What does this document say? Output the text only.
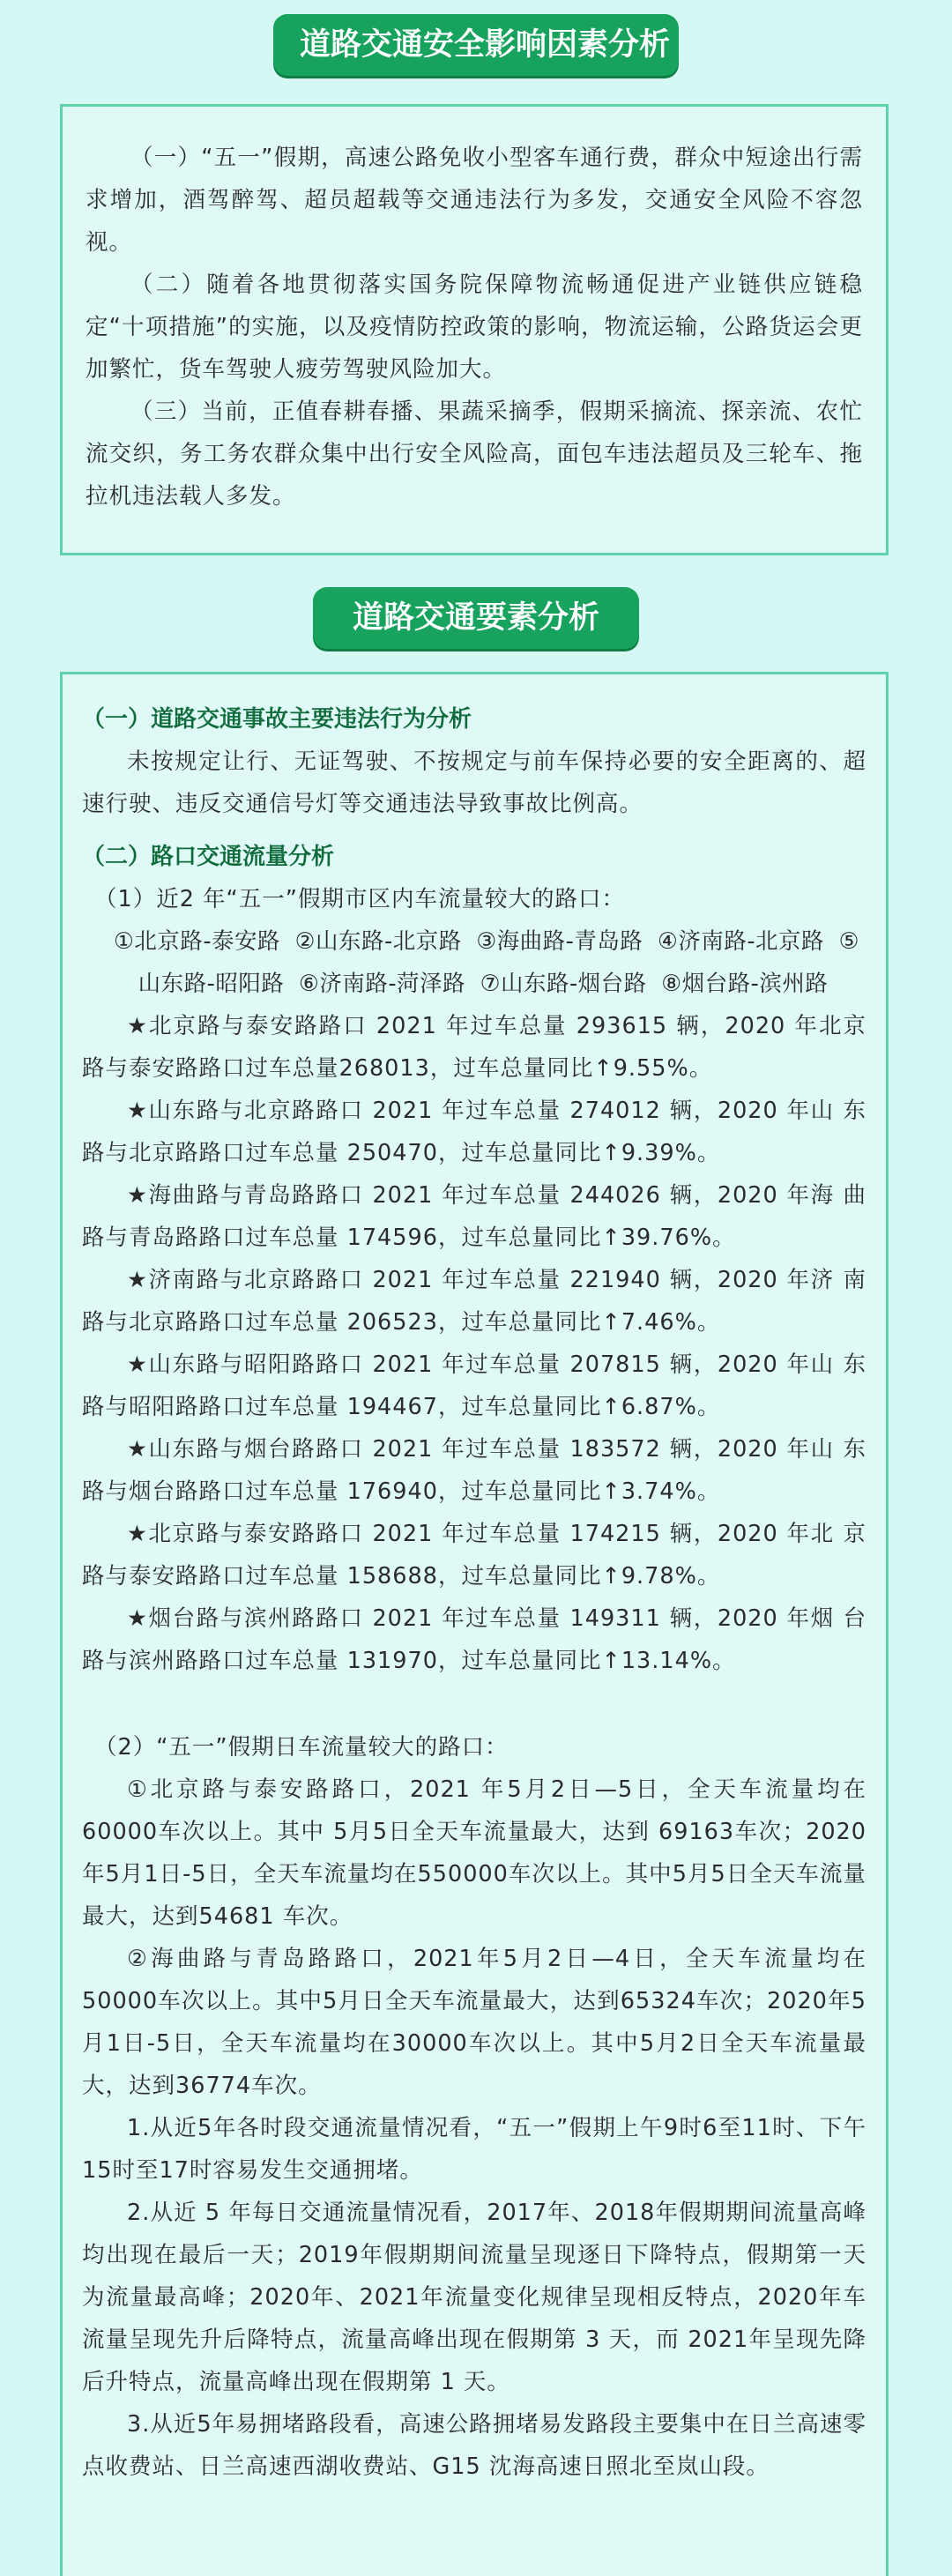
道路交通安全影响因素分析

（一）“五一”假期，高速公路免收小型客车通行费，群众中短途出行需求增加，酒驾醉驾、超员超载等交通违法行为多发，交通安全风险不容忽视。

（二）随着各地贯彻落实国务院保障物流畅通促进产业链供应链稳定“十项措施”的实施，以及疫情防控政策的影响，物流运输，公路货运会更加繁忙，货车驾驶人疲劳驾驶风险加大。

（三）当前，正值春耕春播、果蔬采摘季，假期采摘流、探亲流、农忙流交织，务工务农群众集中出行安全风险高，面包车违法超员及三轮车、拖拉机违法载人多发。

道路交通要素分析
（一）道路交通事故主要违法行为分析

未按规定让行、无证驾驶、不按规定与前车保持必要的安全距离的、超速行驶、违反交通信号灯等交通违法导致事故比例高。

（二）路口交通流量分析

（1）近2 年“五一”假期市区内车流量较大的路口：

①北京路-泰安路 ②山东路-北京路 ③海曲路-青岛路 ④济南路-北京路 ⑤山东路-昭阳路 ⑥济南路-菏泽路 ⑦山东路-烟台路 ⑧烟台路-滨州路

★北京路与泰安路路口 2021 年过车总量 293615 辆，2020 年北京路与泰安路路口过车总量268013，过车总量同比↑9.55%。

★山东路与北京路路口 2021 年过车总量 274012 辆，2020 年山 东路与北京路路口过车总量 250470，过车总量同比↑9.39%。

★海曲路与青岛路路口 2021 年过车总量 244026 辆，2020 年海 曲路与青岛路路口过车总量 174596，过车总量同比↑39.76%。

★济南路与北京路路口 2021 年过车总量 221940 辆，2020 年济 南路与北京路路口过车总量 206523，过车总量同比↑7.46%。

★山东路与昭阳路路口 2021 年过车总量 207815 辆，2020 年山 东路与昭阳路路口过车总量 194467，过车总量同比↑6.87%。

★山东路与烟台路路口 2021 年过车总量 183572 辆，2020 年山 东路与烟台路路口过车总量 176940，过车总量同比↑3.74%。

★北京路与泰安路路口 2021 年过车总量 174215 辆，2020 年北 京路与泰安路路口过车总量 158688，过车总量同比↑9.78%。

★烟台路与滨州路路口 2021 年过车总量 149311 辆，2020 年烟 台路与滨州路路口过车总量 131970，过车总量同比↑13.14%。

（2）“五一”假期日车流量较大的路口：

①北京路与泰安路路口，2021 年5月2日—5日，全天车流量均在60000车次以上。其中 5月5日全天车流量最大，达到 69163车次；2020年5月1日-5日，全天车流量均在550000车次以上。其中5月5日全天车流量最大，达到54681 车次。

②海曲路与青岛路路口，2021年5月2日—4日，全天车流量均在50000车次以上。其中5月日全天车流量最大，达到65324车次；2020年5月1日-5日，全天车流量均在30000车次以上。其中5月2日全天车流量最大，达到36774车次。

1.从近5年各时段交通流量情况看，“五一”假期上午9时6至11时、下午15时至17时容易发生交通拥堵。

2.从近 5 年每日交通流量情况看，2017年、2018年假期期间流量高峰均出现在最后一天；2019年假期期间流量呈现逐日下降特点，假期第一天为流量最高峰；2020年、2021年流量变化规律呈现相反特点，2020年车流量呈现先升后降特点，流量高峰出现在假期第 3 天，而 2021年呈现先降后升特点，流量高峰出现在假期第 1 天。

3.从近5年易拥堵路段看，高速公路拥堵易发路段主要集中在日兰高速零点收费站、日兰高速西湖收费站、G15 沈海高速日照北至岚山段。
